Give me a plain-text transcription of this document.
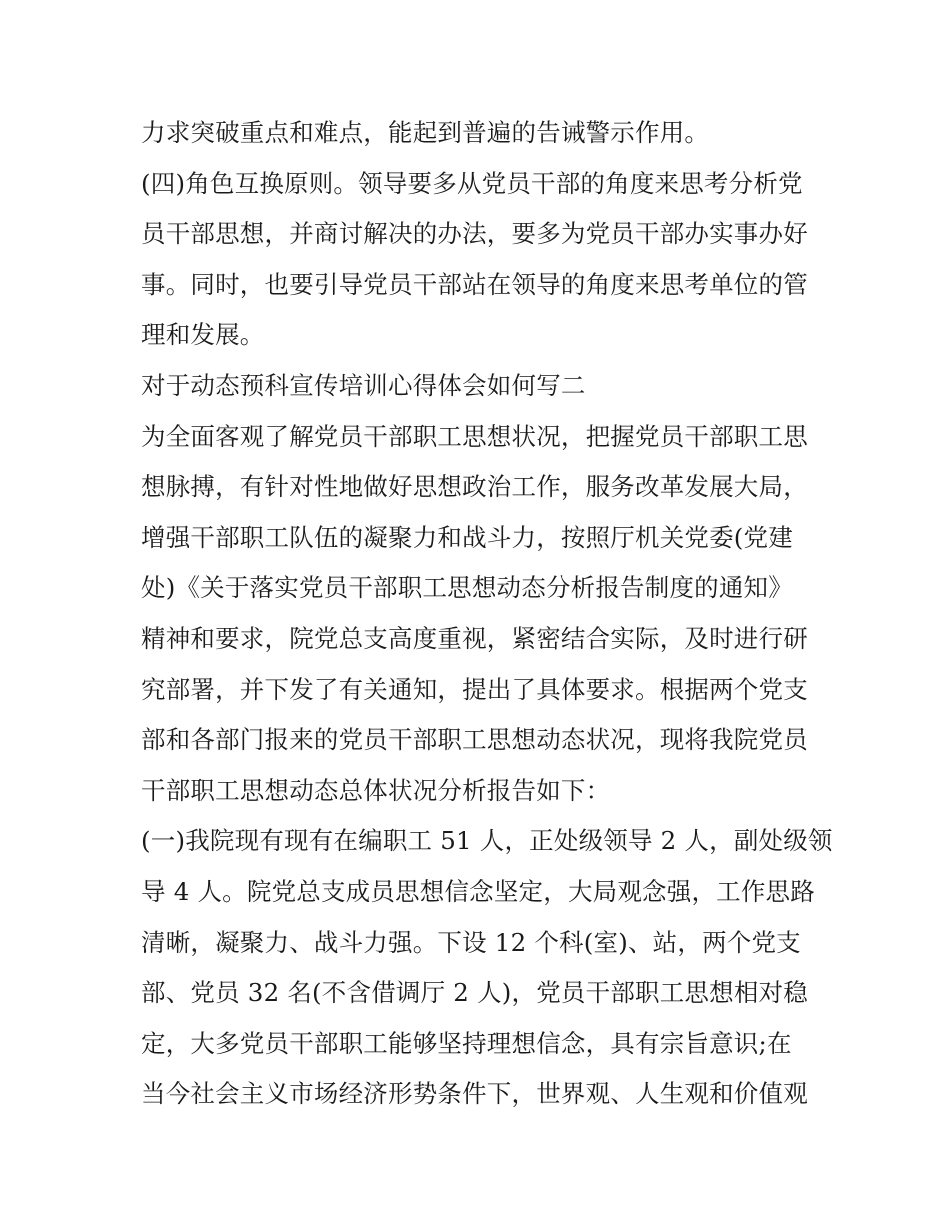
力求突破重点和难点，能起到普遍的告诫警示作用。
(四)角色互换原则。领导要多从党员干部的角度来思考分析党
员干部思想，并商讨解决的办法，要多为党员干部办实事办好
事。同时，也要引导党员干部站在领导的角度来思考单位的管
理和发展。
对于动态预科宣传培训心得体会如何写二
为全面客观了解党员干部职工思想状况，把握党员干部职工思
想脉搏，有针对性地做好思想政治工作，服务改革发展大局，
增强干部职工队伍的凝聚力和战斗力，按照厅机关党委(党建
处)《关于落实党员干部职工思想动态分析报告制度的通知》
精神和要求，院党总支高度重视，紧密结合实际，及时进行研
究部署，并下发了有关通知，提出了具体要求。根据两个党支
部和各部门报来的党员干部职工思想动态状况，现将我院党员
干部职工思想动态总体状况分析报告如下：
(一)我院现有现有在编职工 51 人，正处级领导 2 人，副处级领
导 4 人。院党总支成员思想信念坚定，大局观念强，工作思路
清晰，凝聚力、战斗力强。下设 12 个科(室)、站，两个党支
部、党员 32 名(不含借调厅 2 人)，党员干部职工思想相对稳
定，大多党员干部职工能够坚持理想信念，具有宗旨意识;在
当今社会主义市场经济形势条件下，世界观、人生观和价值观
